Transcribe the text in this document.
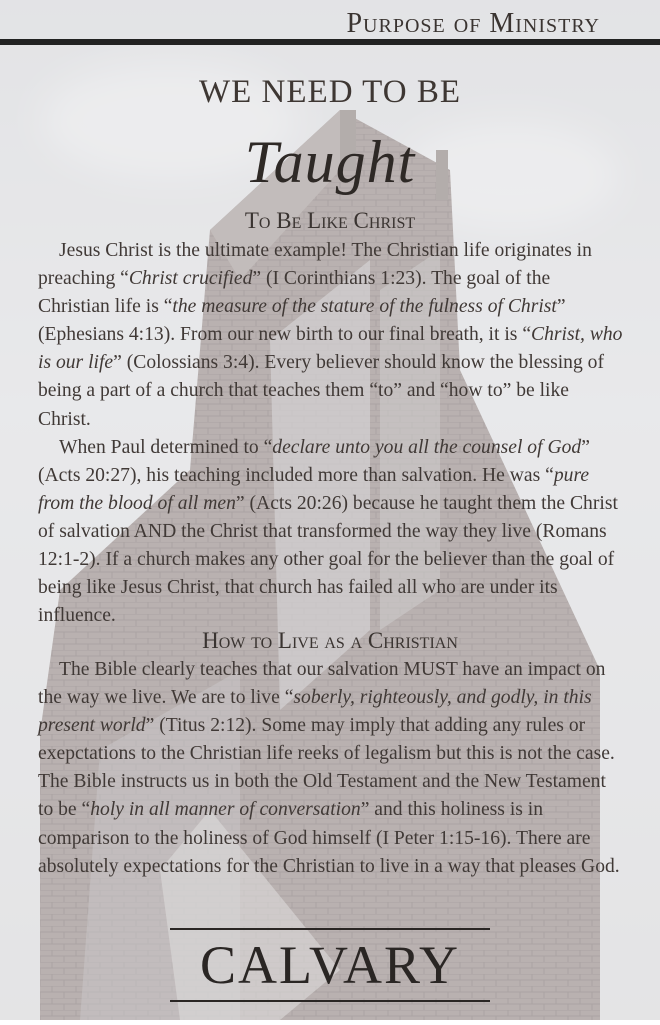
Purpose of Ministry
WE NEED TO BE
Taught
To Be Like Christ

Jesus Christ is the ultimate example! The Christian life originates in preaching “Christ crucified” (I Corinthians 1:23). The goal of the Christian life is “the measure of the stature of the fulness of Christ” (Ephesians 4:13). From our new birth to our final breath, it is “Christ, who is our life” (Colossians 3:4). Every believer should know the blessing of being a part of a church that teaches them “to” and “how to” be like Christ.

When Paul determined to “declare unto you all the counsel of God” (Acts 20:27), his teaching included more than salvation. He was “pure from the blood of all men” (Acts 20:26) because he taught them the Christ of salvation AND the Christ that transformed the way they live (Romans 12:1-2). If a church makes any other goal for the believer than the goal of being like Jesus Christ, that church has failed all who are under its influence.

How to Live as a Christian

The Bible clearly teaches that our salvation MUST have an impact on the way we live. We are to live “soberly, righteously, and godly, in this present world” (Titus 2:12). Some may imply that adding any rules or exepctations to the Christian life reeks of legalism but this is not the case. The Bible instructs us in both the Old Testament and the New Testament to be “holy in all manner of conversation” and this holiness is in comparison to the holiness of God himself (I Peter 1:15-16). There are absolutely expectations for the Christian to live in a way that pleases God.

CALVARY
